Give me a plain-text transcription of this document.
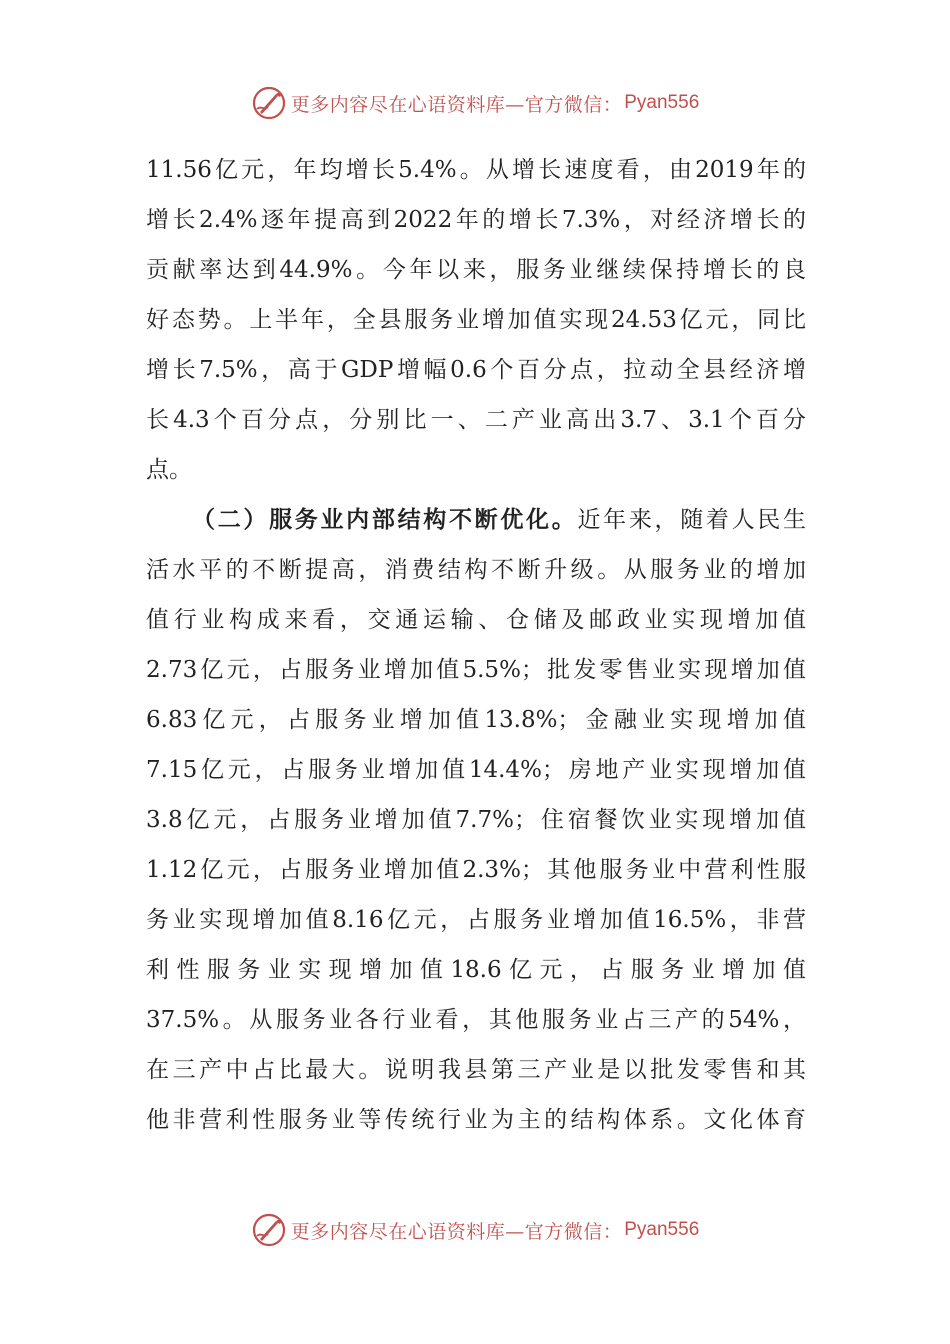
更多内容尽在心语资料库—官方微信： Pyan556
11.56亿元，年均增长5.4%。从增长速度看，由2019年的
增长2.4%逐年提高到2022年的增长7.3%，对经济增长的
贡献率达到44.9%。今年以来，服务业继续保持增长的良
好态势。上半年，全县服务业增加值实现24.53亿元，同比
增长7.5%，高于GDP增幅0.6个百分点，拉动全县经济增
长4.3个百分点，分别比一、二产业高出3.7、3.1个百分
点。
（二）服务业内部结构不断优化。近年来，随着人民生
活水平的不断提高，消费结构不断升级。从服务业的增加
值行业构成来看，交通运输、仓储及邮政业实现增加值
2.73亿元，占服务业增加值5.5%；批发零售业实现增加值
6.83亿元，占服务业增加值13.8%；金融业实现增加值
7.15亿元，占服务业增加值14.4%；房地产业实现增加值
3.8亿元，占服务业增加值7.7%；住宿餐饮业实现增加值
1.12亿元，占服务业增加值2.3%；其他服务业中营利性服
务业实现增加值8.16亿元，占服务业增加值16.5%，非营
利性服务业实现增加值18.6亿元，占服务业增加值
37.5%。从服务业各行业看，其他服务业占三产的54%，
在三产中占比最大。说明我县第三产业是以批发零售和其
他非营利性服务业等传统行业为主的结构体系。文化体育
更多内容尽在心语资料库—官方微信： Pyan556
